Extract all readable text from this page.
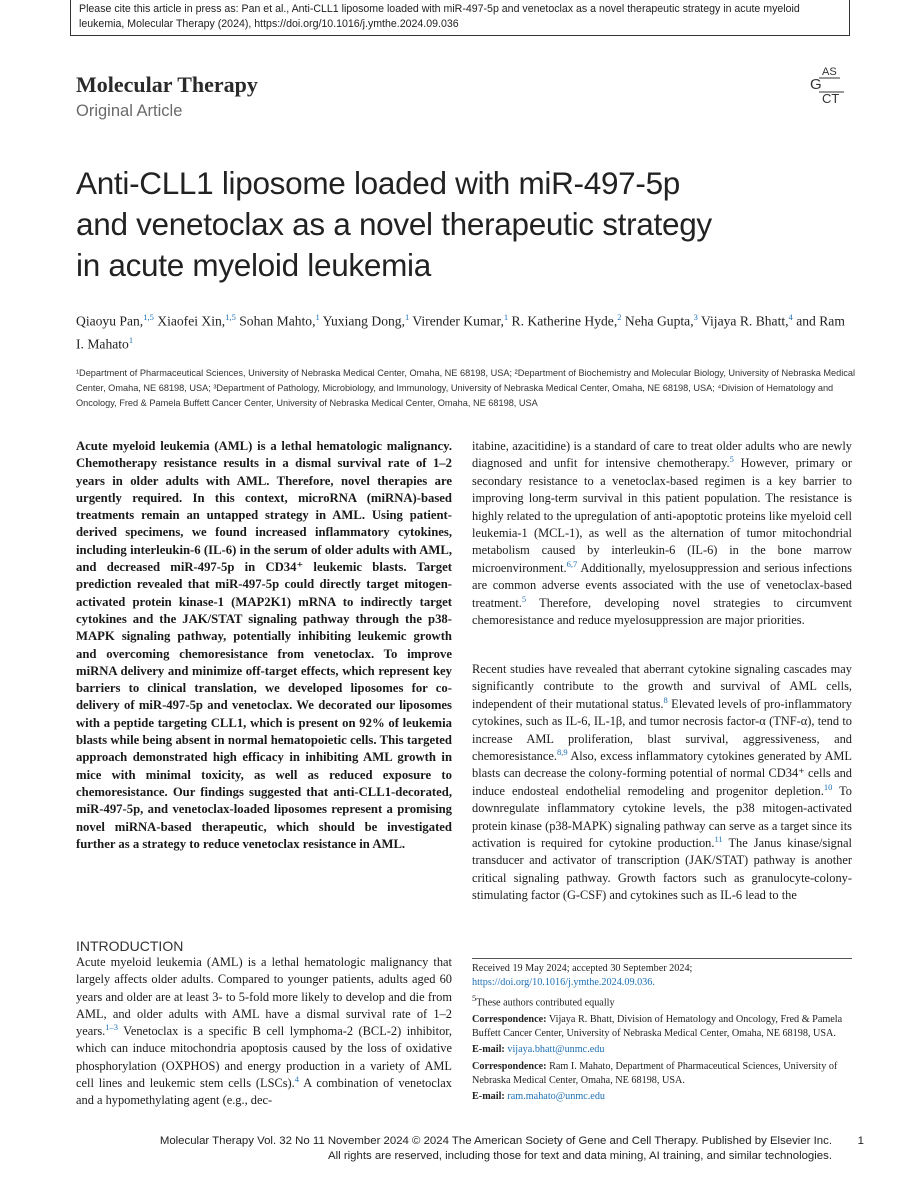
Please cite this article in press as: Pan et al., Anti-CLL1 liposome loaded with miR-497-5p and venetoclax as a novel therapeutic strategy in acute myeloid
leukemia, Molecular Therapy (2024), https://doi.org/10.1016/j.ymthe.2024.09.036
Molecular Therapy
Original Article
AS
G
CT
Anti-CLL1 liposome loaded with miR-497-5p and venetoclax as a novel therapeutic strategy in acute myeloid leukemia
Qiaoyu Pan,$^{1,5}$ Xiaofei Xin,$^{1,5}$ Sohan Mahto,$^1$ Yuxiang Dong,$^1$ Virender Kumar,$^1$ R. Katherine Hyde,$^2$ Neha Gupta,$^3$ Vijaya R. Bhatt,$^4$ and Ram I. Mahato$^1$
¹Department of Pharmaceutical Sciences, University of Nebraska Medical Center, Omaha, NE 68198, USA; ²Department of Biochemistry and Molecular Biology, University of Nebraska Medical Center, Omaha, NE 68198, USA; ³Department of Pathology, Microbiology, and Immunology, University of Nebraska Medical Center, Omaha, NE 68198, USA; ⁴Division of Hematology and Oncology, Fred & Pamela Buffett Cancer Center, University of Nebraska Medical Center, Omaha, NE 68198, USA
Acute myeloid leukemia (AML) is a lethal hematologic malignancy. Chemotherapy resistance results in a dismal survival rate of 1–2 years in older adults with AML. Therefore, novel therapies are urgently required. In this context, microRNA (miRNA)-based treatments remain an untapped strategy in AML. Using patient-derived specimens, we found increased inflammatory cytokines, including interleukin-6 (IL-6) in the serum of older adults with AML, and decreased miR-497-5p in CD34⁺ leukemic blasts. Target prediction revealed that miR-497-5p could directly target mitogen-activated protein kinase-1 (MAP2K1) mRNA to indirectly target cytokines and the JAK/STAT signaling pathway through the p38-MAPK signaling pathway, potentially inhibiting leukemic growth and overcoming chemoresistance from venetoclax. To improve miRNA delivery and minimize off-target effects, which represent key barriers to clinical translation, we developed liposomes for co-delivery of miR-497-5p and venetoclax. We decorated our liposomes with a peptide targeting CLL1, which is present on 92% of leukemia blasts while being absent in normal hematopoietic cells. This targeted approach demonstrated high efficacy in inhibiting AML growth in mice with minimal toxicity, as well as reduced exposure to chemoresistance. Our findings suggested that anti-CLL1-decorated, miR-497-5p, and venetoclax-loaded liposomes represent a promising novel miRNA-based therapeutic, which should be investigated further as a strategy to reduce venetoclax resistance in AML.
INTRODUCTION
Acute myeloid leukemia (AML) is a lethal hematologic malignancy that largely affects older adults. Compared to younger patients, adults aged 60 years and older are at least 3- to 5-fold more likely to develop and die from AML, and older adults with AML have a dismal survival rate of 1–2 years.$^{1-3}$ Venetoclax is a specific B cell lymphoma-2 (BCL-2) inhibitor, which can induce mitochondria apoptosis caused by the loss of oxidative phosphorylation (OXPHOS) and energy production in a variety of AML cell lines and leukemic stem cells (LSCs).$^4$ A combination of venetoclax and a hypomethylating agent (e.g., dec-
itabine, azacitidine) is a standard of care to treat older adults who are newly diagnosed and unfit for intensive chemotherapy.$^5$ However, primary or secondary resistance to a venetoclax-based regimen is a key barrier to improving long-term survival in this patient population. The resistance is highly related to the upregulation of anti-apoptotic proteins like myeloid cell leukemia-1 (MCL-1), as well as the alternation of tumor mitochondrial metabolism caused by interleukin-6 (IL-6) in the bone marrow microenvironment.$^{6,7}$ Additionally, myelosuppression and serious infections are common adverse events associated with the use of venetoclax-based treatment.$^5$ Therefore, developing novel strategies to circumvent chemoresistance and reduce myelosuppression are major priorities.
Recent studies have revealed that aberrant cytokine signaling cascades may significantly contribute to the growth and survival of AML cells, independent of their mutational status.$^8$ Elevated levels of pro-inflammatory cytokines, such as IL-6, IL-1β, and tumor necrosis factor-α (TNF-α), tend to increase AML proliferation, blast survival, aggressiveness, and chemoresistance.$^{8,9}$ Also, excess inflammatory cytokines generated by AML blasts can decrease the colony-forming potential of normal CD34⁺ cells and induce endosteal endothelial remodeling and progenitor depletion.$^{10}$ To downregulate inflammatory cytokine levels, the p38 mitogen-activated protein kinase (p38-MAPK) signaling pathway can serve as a target since its activation is required for cytokine production.$^{11}$ The Janus kinase/signal transducer and activator of transcription (JAK/STAT) pathway is another critical signaling pathway. Growth factors such as granulocyte-colony-stimulating factor (G-CSF) and cytokines such as IL-6 lead to the

Received 19 May 2024; accepted 30 September 2024;
https://doi.org/10.1016/j.ymthe.2024.09.036.

$^5$These authors contributed equally

Correspondence: Vijaya R. Bhatt, Division of Hematology and Oncology, Fred & Pamela Buffett Cancer Center, University of Nebraska Medical Center, Omaha, NE 68198, USA.

E-mail: vijaya.bhatt@unmc.edu

Correspondence: Ram I. Mahato, Department of Pharmaceutical Sciences, University of Nebraska Medical Center, Omaha, NE 68198, USA.

E-mail: ram.mahato@unmc.edu

Molecular Therapy Vol. 32 No 11 November 2024 © 2024 The American Society of Gene and Cell Therapy. Published by Elsevier Inc.
All rights are reserved, including those for text and data mining, AI training, and similar technologies.
1
